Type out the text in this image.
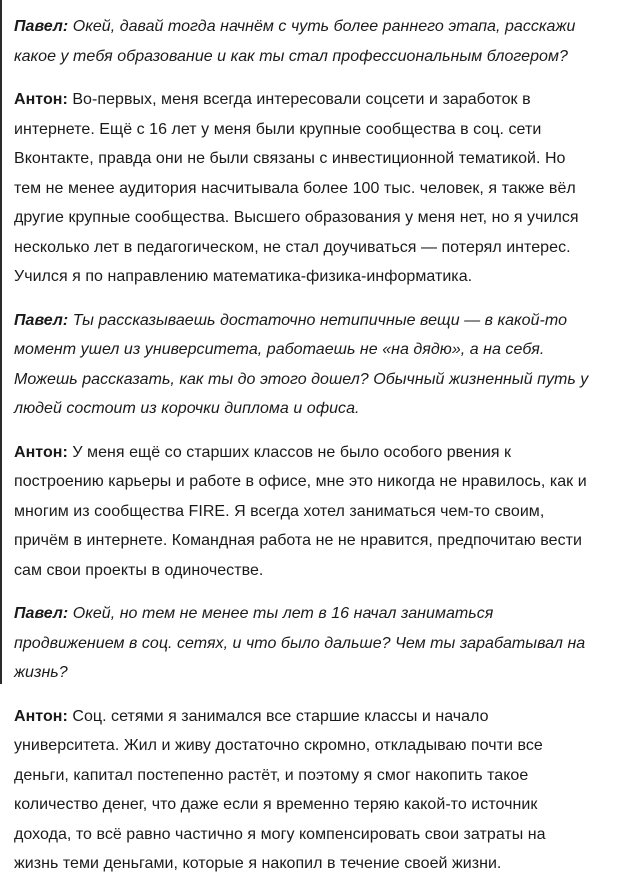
Павел: Окей, давай тогда начнём с чуть более раннего этапа, расскажи какое у тебя образование и как ты стал профессиональным блогером?

Антон: Во-первых, меня всегда интересовали соцсети и заработок в интернете. Ещё с 16 лет у меня были крупные сообщества в соц. сети Вконтакте, правда они не были связаны с инвестиционной тематикой. Но тем не менее аудитория насчитывала более 100 тыс. человек, я также вёл другие крупные сообщества. Высшего образования у меня нет, но я учился несколько лет в педагогическом, не стал доучиваться — потерял интерес. Учился я по направлению математика-физика-информатика.

Павел: Ты рассказываешь достаточно нетипичные вещи — в какой-то момент ушел из университета, работаешь не «на дядю», а на себя. Можешь рассказать, как ты до этого дошел? Обычный жизненный путь у людей состоит из корочки диплома и офиса.

Антон: У меня ещё со старших классов не было особого рвения к построению карьеры и работе в офисе, мне это никогда не нравилось, как и многим из сообщества FIRE. Я всегда хотел заниматься чем-то своим, причём в интернете. Командная работа не не нравится, предпочитаю вести сам свои проекты в одиночестве.

Павел: Окей, но тем не менее ты лет в 16 начал заниматься продвижением в соц. сетях, и что было дальше? Чем ты зарабатывал на жизнь?

Антон: Соц. сетями я занимался все старшие классы и начало университета. Жил и живу достаточно скромно, откладываю почти все деньги, капитал постепенно растёт, и поэтому я смог накопить такое количество денег, что даже если я временно теряю какой-то источник дохода, то всё равно частично я могу компенсировать свои затраты на жизнь теми деньгами, которые я накопил в течение своей жизни.
